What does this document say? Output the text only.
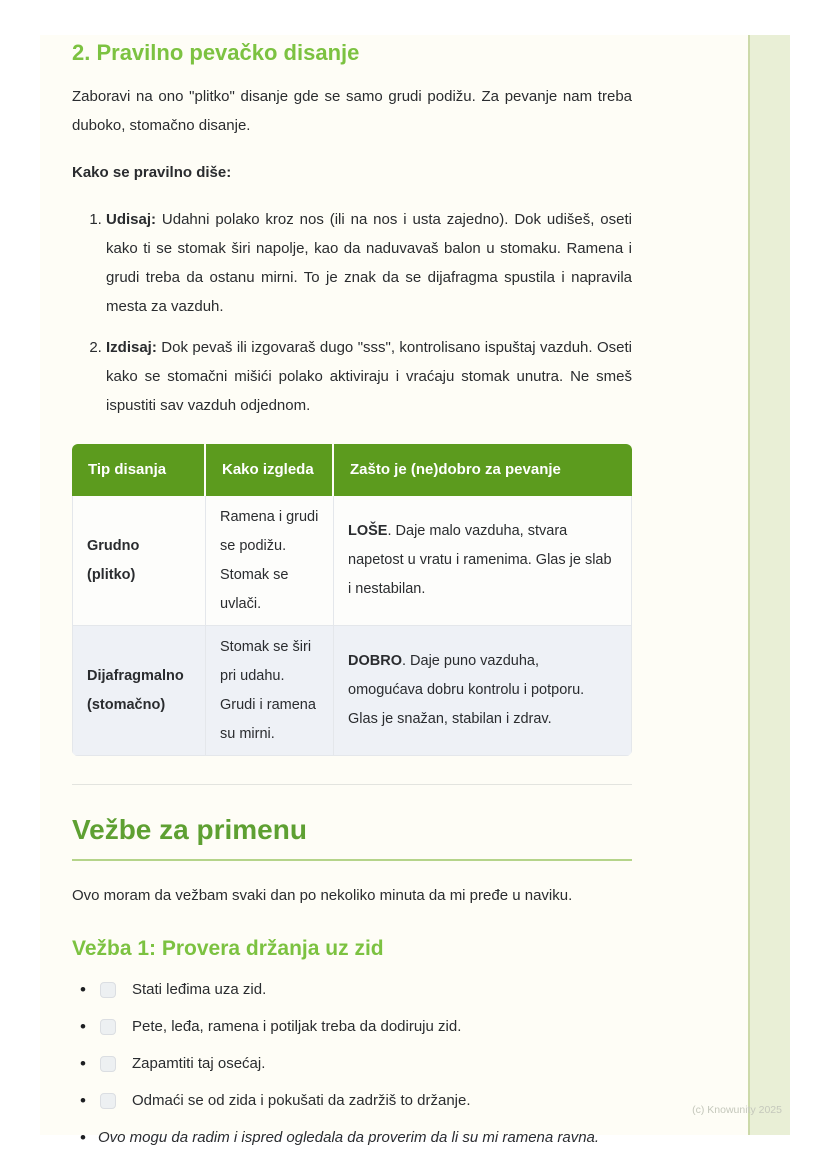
2. Pravilno pevačko disanje

Zaboravi na ono "plitko" disanje gde se samo grudi podižu. Za pevanje nam treba duboko, stomačno disanje.

Kako se pravilno diše:

1. Udisaj: Udahni polako kroz nos (ili na nos i usta zajedno). Dok udišeš, oseti kako ti se stomak širi napolje, kao da naduvavaš balon u stomaku. Ramena i grudi treba da ostanu mirni. To je znak da se dijafragma spustila i napravila mesta za vazduh.
2. Izdisaj: Dok pevaš ili izgovaraš dugo "sss", kontrolisano ispuštaj vazduh. Oseti kako se stomačni mišići polako aktiviraju i vraćaju stomak unutra. Ne smeš ispustiti sav vazduh odjednom.
Tip disanja	Kako izgleda	Zašto je (ne)dobro za pevanje
Grudno (plitko)	Ramena i grudi se podižu. Stomak se uvlači.	LOŠE. Daje malo vazduha, stvara napetost u vratu i ramenima. Glas je slab i nestabilan.
Dijafragmalno (stomačno)	Stomak se širi pri udahu. Grudi i ramena su mirni.	DOBRO. Daje puno vazduha, omogućava dobru kontrolu i potporu. Glas je snažan, stabilan i zdrav.
Vežbe za primenu

Ovo moram da vežbam svaki dan po nekoliko minuta da mi pređe u naviku.

Vežba 1: Provera držanja uz zid
•	Stati leđima uza zid.
•	Pete, leđa, ramena i potiljak treba da dodiruju zid.
•	Zapamtiti taj osećaj.
•	Odmaći se od zida i pokušati da zadržiš to držanje.
• Ovo mogu da radim i ispred ogledala da proverim da li su mi ramena ravna.
(c) Knowunity 2025
